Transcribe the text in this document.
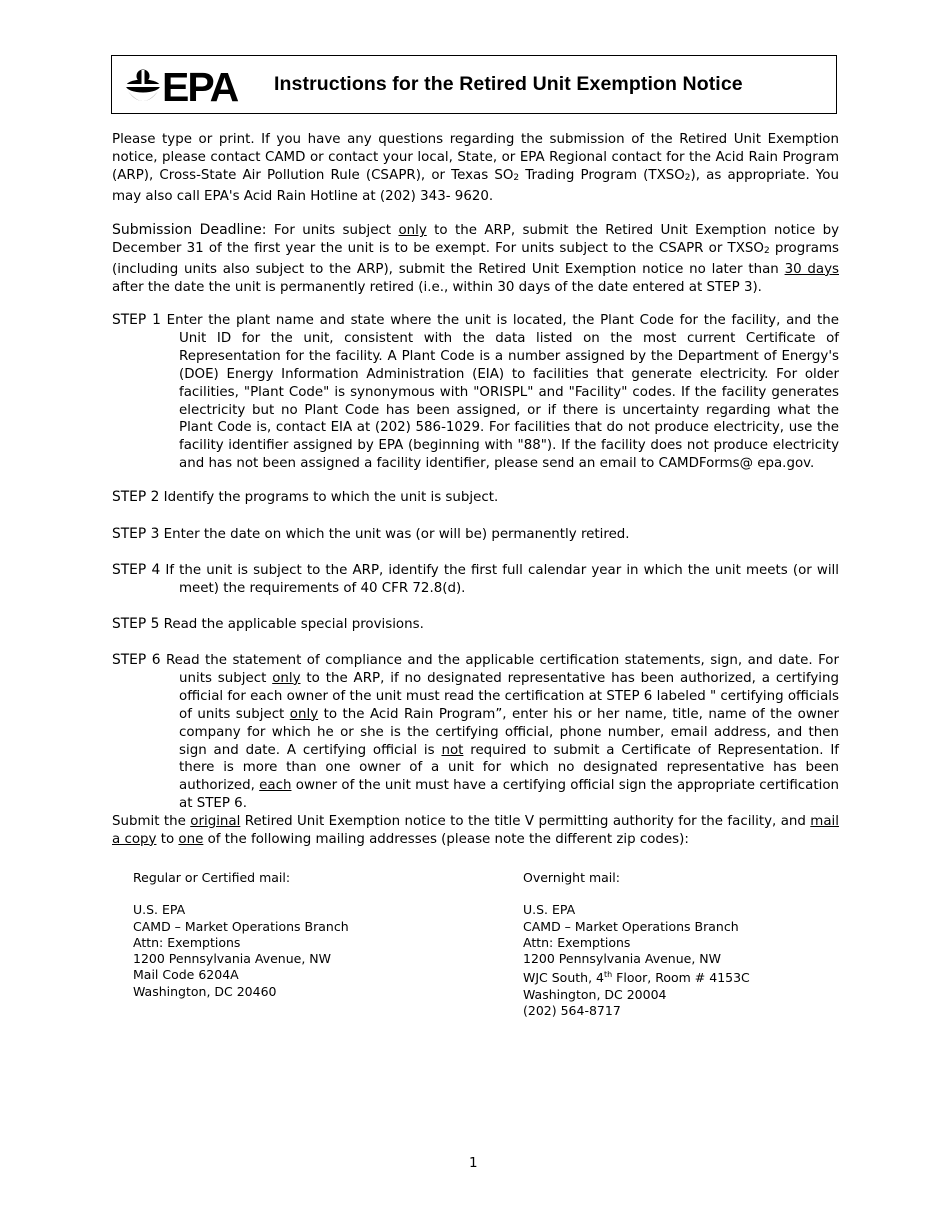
EPA Instructions for the Retired Unit Exemption Notice

Please type or print. If you have any questions regarding the submission of the Retired Unit Exemption notice, please contact CAMD or contact your local, State, or EPA Regional contact for the Acid Rain Program (ARP), Cross-State Air Pollution Rule (CSAPR), or Texas SO2 Trading Program (TXSO2), as appropriate. You may also call EPA's Acid Rain Hotline at (202) 343- 9620.

Submission Deadline: For units subject only to the ARP, submit the Retired Unit Exemption notice by December 31 of the first year the unit is to be exempt. For units subject to the CSAPR or TXSO2 programs (including units also subject to the ARP), submit the Retired Unit Exemption notice no later than 30 days after the date the unit is permanently retired (i.e., within 30 days of the date entered at STEP 3).

STEP 1 Enter the plant name and state where the unit is located, the Plant Code for the facility, and the Unit ID for the unit, consistent with the data listed on the most current Certificate of Representation for the facility. A Plant Code is a number assigned by the Department of Energy's (DOE) Energy Information Administration (EIA) to facilities that generate electricity. For older facilities, "Plant Code" is synonymous with "ORISPL" and "Facility" codes. If the facility generates electricity but no Plant Code has been assigned, or if there is uncertainty regarding what the Plant Code is, contact EIA at (202) 586-1029. For facilities that do not produce electricity, use the facility identifier assigned by EPA (beginning with "88"). If the facility does not produce electricity and has not been assigned a facility identifier, please send an email to CAMDForms@ epa.gov.

STEP 2 Identify the programs to which the unit is subject.

STEP 3 Enter the date on which the unit was (or will be) permanently retired.

STEP 4 If the unit is subject to the ARP, identify the first full calendar year in which the unit meets (or will meet) the requirements of 40 CFR 72.8(d).

STEP 5 Read the applicable special provisions.

STEP 6 Read the statement of compliance and the applicable certification statements, sign, and date. For units subject only to the ARP, if no designated representative has been authorized, a certifying official for each owner of the unit must read the certification at STEP 6 labeled " certifying officials of units subject only to the Acid Rain Program”, enter his or her name, title, name of the owner company for which he or she is the certifying official, phone number, email address, and then sign and date. A certifying official is not required to submit a Certificate of Representation. If there is more than one owner of a unit for which no designated representative has been authorized, each owner of the unit must have a certifying official sign the appropriate certification at STEP 6.

Submit the original Retired Unit Exemption notice to the title V permitting authority for the facility, and mail a copy to one of the following mailing addresses (please note the different zip codes):

Regular or Certified mail:
U.S. EPA
CAMD – Market Operations Branch
Attn: Exemptions
1200 Pennsylvania Avenue, NW
Mail Code 6204A
Washington, DC 20460
Overnight mail:
U.S. EPA
CAMD – Market Operations Branch
Attn: Exemptions
1200 Pennsylvania Avenue, NW
WJC South, 4th Floor, Room # 4153C
Washington, DC 20004
(202) 564-8717
1
